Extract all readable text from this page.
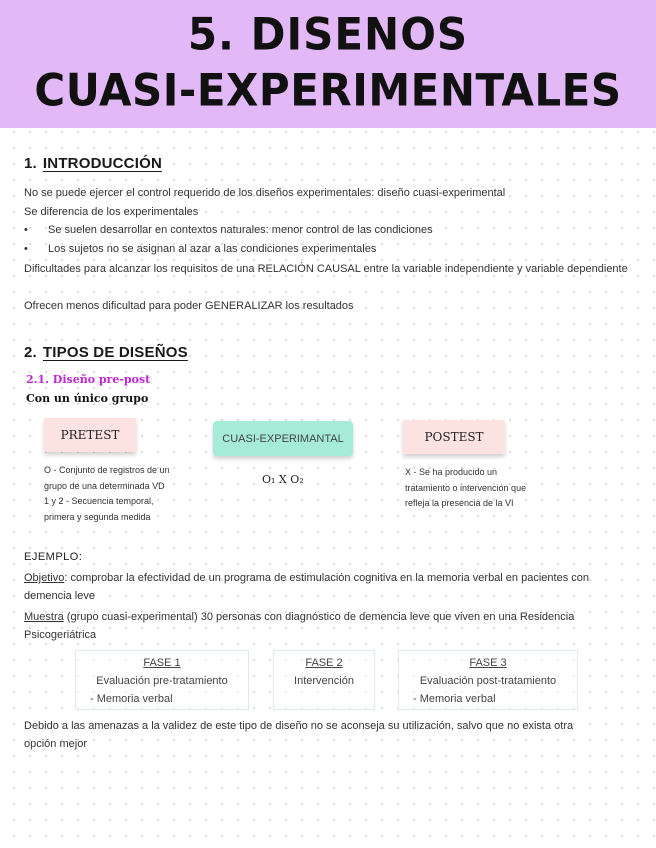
5. DISENOS
CUASI-EXPERIMENTALES
1. INTRODUCCIÓN

No se puede ejercer el control requerido de los diseños experimentales: diseño cuasi-experimental

Se diferencia de los experimentales

• Se suelen desarrollar en contextos naturales: menor control de las condiciones
• Los sujetos no se asignan al azar a las condiciones experimentales

Dificultades para alcanzar los requisitos de una RELACIÓN CAUSAL entre la variable independiente y variable dependiente

Ofrecen menos dificultad para poder GENERALIZAR los resultados

2. TIPOS DE DISEÑOS
2.1. Diseño pre-post
Con un único grupo
PRETEST	CUASI-EXPERIMANTAL	POSTEST
O - Conjunto de registros de un
grupo de una determinada VD
1 y 2 - Secuencia temporal,
primera y segunda medida
O₁ X O₂
X - Se ha producido un
tratamiento o intervención que
refleja la presencia de la VI
EJEMPLO:

Objetivo: comprobar la efectividad de un programa de estimulación cognitiva en la memoria verbal en pacientes con demencia leve

Muestra (grupo cuasi-experimental) 30 personas con diagnóstico de demencia leve que viven en una Residencia Psicogeriátrica

FASE 1
Evaluación pre-tratamiento
- Memoria verbal
FASE 2
Intervención
FASE 3
Evaluación post-tratamiento
- Memoria verbal

Debido a las amenazas a la validez de este tipo de diseño no se aconseja su utilización, salvo que no exista otra opción mejor
